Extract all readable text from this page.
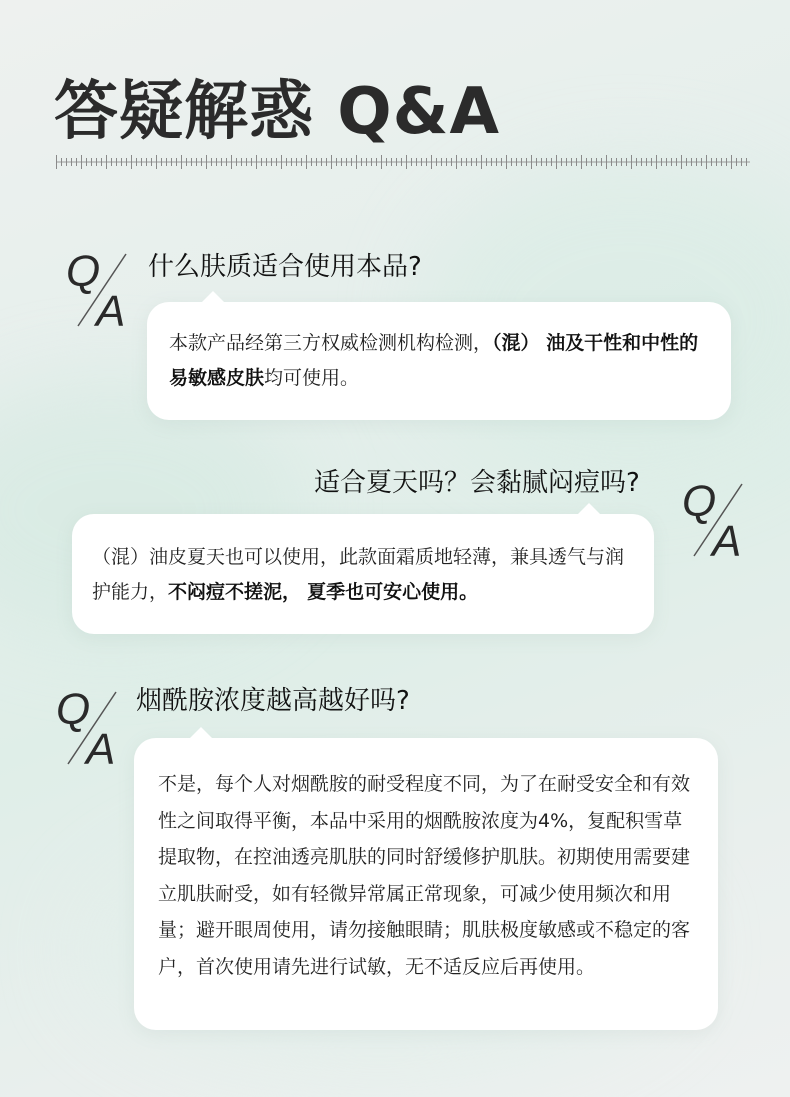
答疑解惑 Q&A
Q
A
什么肤质适合使用本品?

本款产品经第三方权威检测机构检测，（混） 油及干性和中性的易敏感皮肤均可使用。

适合夏天吗？会黏腻闷痘吗? Q
A

（混）油皮夏天也可以使用，此款面霜质地轻薄，兼具透气与润护能力，不闷痘不搓泥， 夏季也可安心使用。

Q
A
烟酰胺浓度越高越好吗?

不是，每个人对烟酰胺的耐受程度不同，为了在耐受安全和有效性之间取得平衡，本品中采用的烟酰胺浓度为4%，复配积雪草提取物，在控油透亮肌肤的同时舒缓修护肌肤。初期使用需要建立肌肤耐受，如有轻微异常属正常现象，可减少使用频次和用量；避开眼周使用，请勿接触眼睛；肌肤极度敏感或不稳定的客户，首次使用请先进行试敏，无不适反应后再使用。
